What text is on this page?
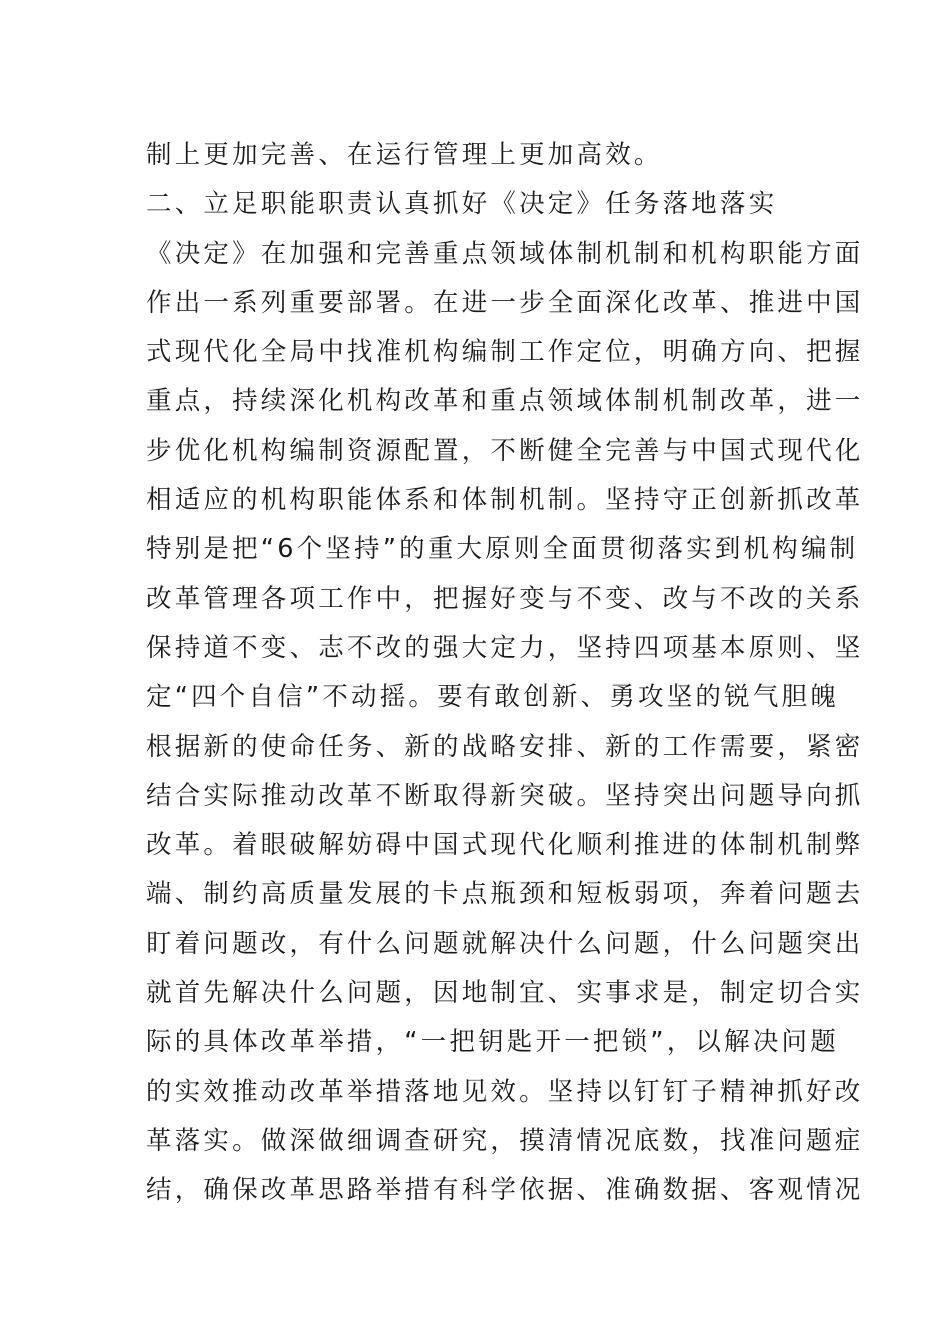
制上更加完善、在运行管理上更加高效。
二、立足职能职责认真抓好《决定》任务落地落实
《决定》在加强和完善重点领域体制机制和机构职能方面
作出一系列重要部署。在进一步全面深化改革、推进中国
式现代化全局中找准机构编制工作定位，明确方向、把握
重点，持续深化机构改革和重点领域体制机制改革，进一
步优化机构编制资源配置，不断健全完善与中国式现代化
相适应的机构职能体系和体制机制。坚持守正创新抓改革
特别是把“6个坚持”的重大原则全面贯彻落实到机构编制
改革管理各项工作中，把握好变与不变、改与不改的关系
保持道不变、志不改的强大定力，坚持四项基本原则、坚
定“四个自信”不动摇。要有敢创新、勇攻坚的锐气胆魄
根据新的使命任务、新的战略安排、新的工作需要，紧密
结合实际推动改革不断取得新突破。坚持突出问题导向抓
改革。着眼破解妨碍中国式现代化顺利推进的体制机制弊
端、制约高质量发展的卡点瓶颈和短板弱项，奔着问题去
盯着问题改，有什么问题就解决什么问题，什么问题突出
就首先解决什么问题，因地制宜、实事求是，制定切合实
际的具体改革举措，“一把钥匙开一把锁”，以解决问题
的实效推动改革举措落地见效。坚持以钉钉子精神抓好改
革落实。做深做细调查研究，摸清情况底数，找准问题症
结，确保改革思路举措有科学依据、准确数据、客观情况
